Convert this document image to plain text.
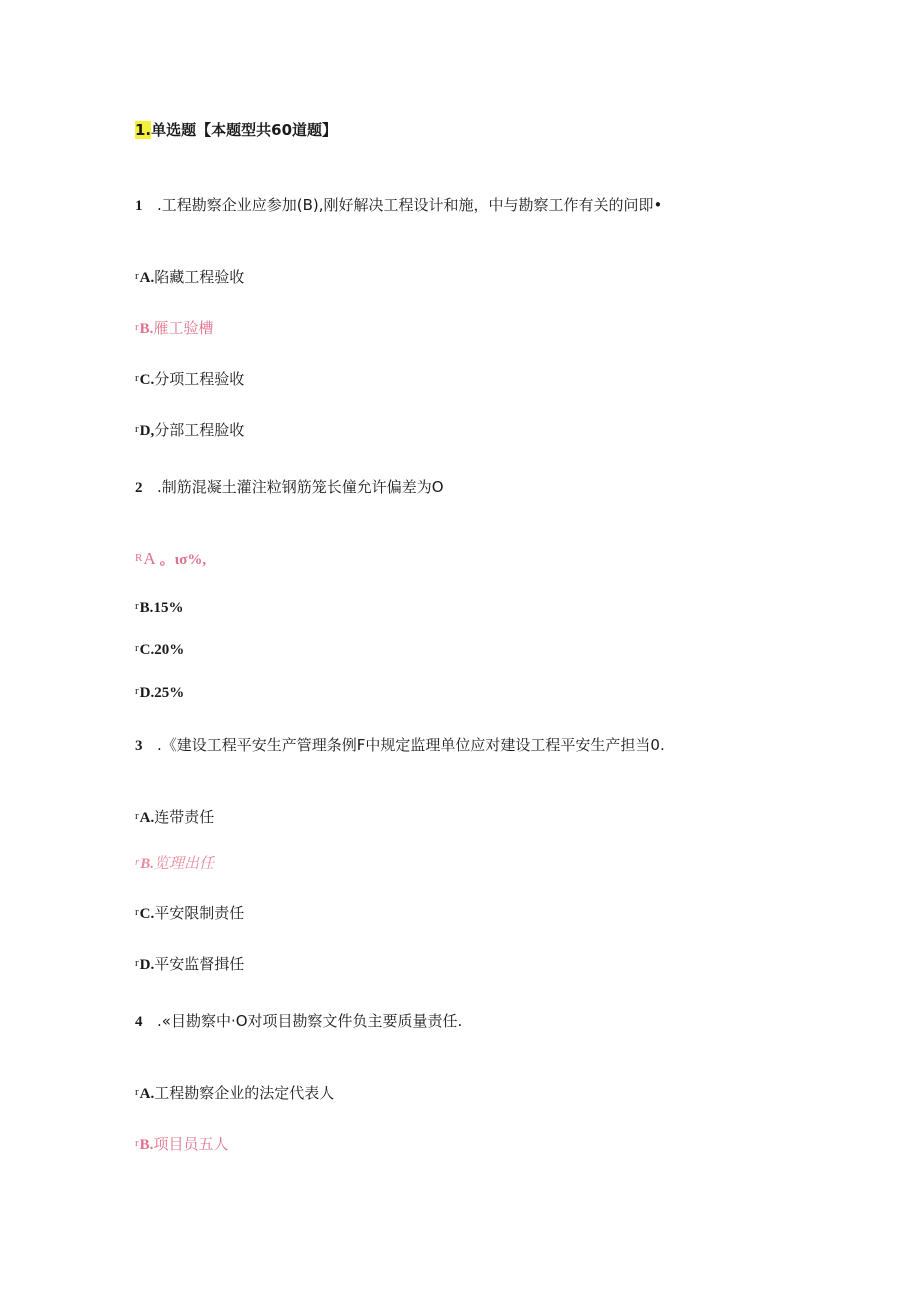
1.单选题【本题型共60道题】
1 .工程勘察企业应参加(B),刚好解决工程设计和施，中与勘察工作有关的问即•
$^r$A.陷藏工程验收
$^r$B.雁工验槽
$^r$C.分项工程验收
$^r$D,分部工程脸收
2 .制筋混凝土灌注粒钢筋笼长僮允许偏差为O
$^R$A 。ισ%,
$^r$B.15%
$^r$C.20%
$^r$D.25%
3 .《建设工程平安生产管理条例F中规定监理单位应对建设工程平安生产担当0.
$^r$A.连带责任
$^r$B.览理出任
$^r$C.平安限制责任
$^r$D.平安监督揖任
4 .«目勘察中·O对项目勘察文件负主要质量责任.
$^r$A.工程勘察企业的法定代表人
$^r$B.项目员五人
